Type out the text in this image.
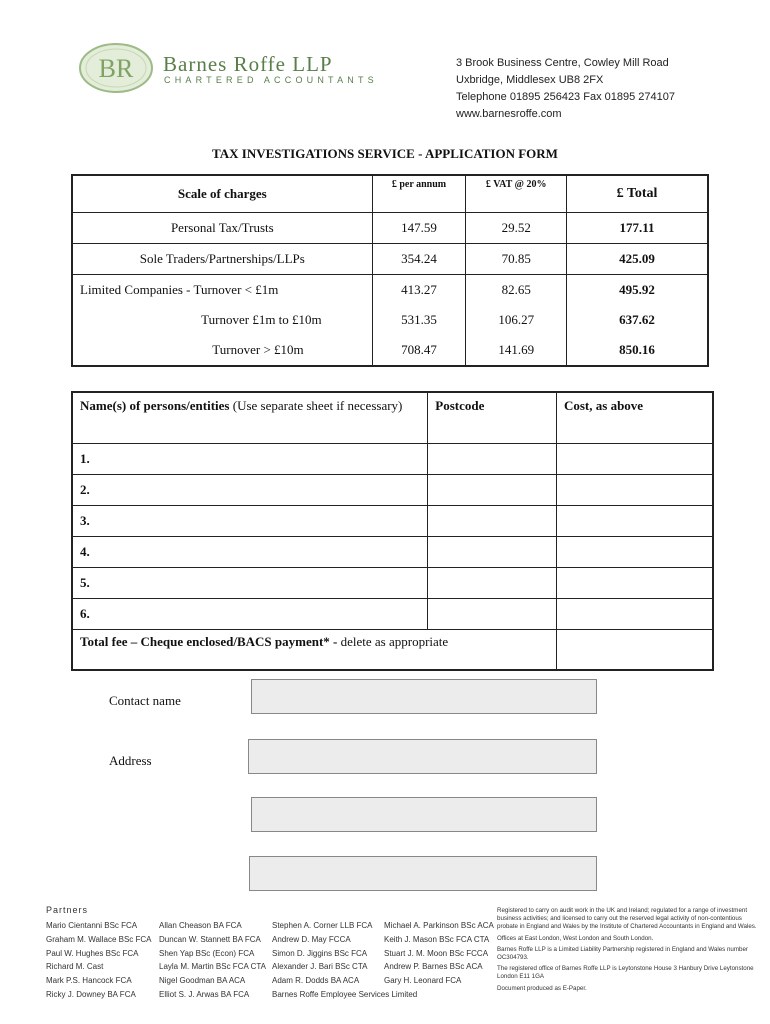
BR Barnes Roffe LLP
CHARTERED ACCOUNTANTS
3 Brook Business Centre, Cowley Mill Road
Uxbridge, Middlesex UB8 2FX
Telephone 01895 256423 Fax 01895 274107
www.barnesroffe.com
TAX INVESTIGATIONS SERVICE - APPLICATION FORM
Scale of charges	£ per annum	£ VAT @ 20%	£ Total
Personal Tax/Trusts	147.59	29.52	177.11
Sole Traders/Partnerships/LLPs	354.24	70.85	425.09
Limited Companies - Turnover < £1m	413.27	82.65	495.92
Turnover £1m to £10m	531.35	106.27	637.62
Turnover > £10m	708.47	141.69	850.16
Name(s) of persons/entities (Use separate sheet if necessary)	Postcode	Cost, as above
1.		
2.		
3.		
4.		
5.		
6.		
Total fee – Cheque enclosed/BACS payment* - delete as appropriate		
Contact name
Address
Partners
Mario Cientanni BSc FCA
Graham M. Wallace BSc FCA
Paul W. Hughes BSc FCA
Richard M. Cast
Mark P.S. Hancock FCA
Ricky J. Downey BA FCA
Allan Cheason BA FCA
Duncan W. Stannett BA FCA
Shen Yap BSc (Econ) FCA
Layla M. Martin BSc FCA CTA
Nigel Goodman BA ACA
Elliot S. J. Arwas BA FCA
Stephen A. Corner LLB FCA
Andrew D. May FCCA
Simon D. Jiggins BSc FCA
Alexander J. Bari BSc CTA
Adam R. Dodds BA ACA
Barnes Roffe Employee Services Limited
Michael A. Parkinson BSc ACA
Keith J. Mason BSc FCA CTA
Stuart J. M. Moon BSc FCCA
Andrew P. Barnes BSc ACA
Gary H. Leonard FCA

Registered to carry on audit work in the UK and Ireland; regulated for a range of investment business activities; and licensed to carry out the reserved legal activity of non-contentious probate in England and Wales by the Institute of Chartered Accountants in England and Wales.

Offices at East London, West London and South London.

Barnes Roffe LLP is a Limited Liability Partnership registered in England and Wales number OC304793.

The registered office of Barnes Roffe LLP is Leytonstone House 3 Hanbury Drive Leytonstone London E11 1GA

Document produced as E-Paper.
